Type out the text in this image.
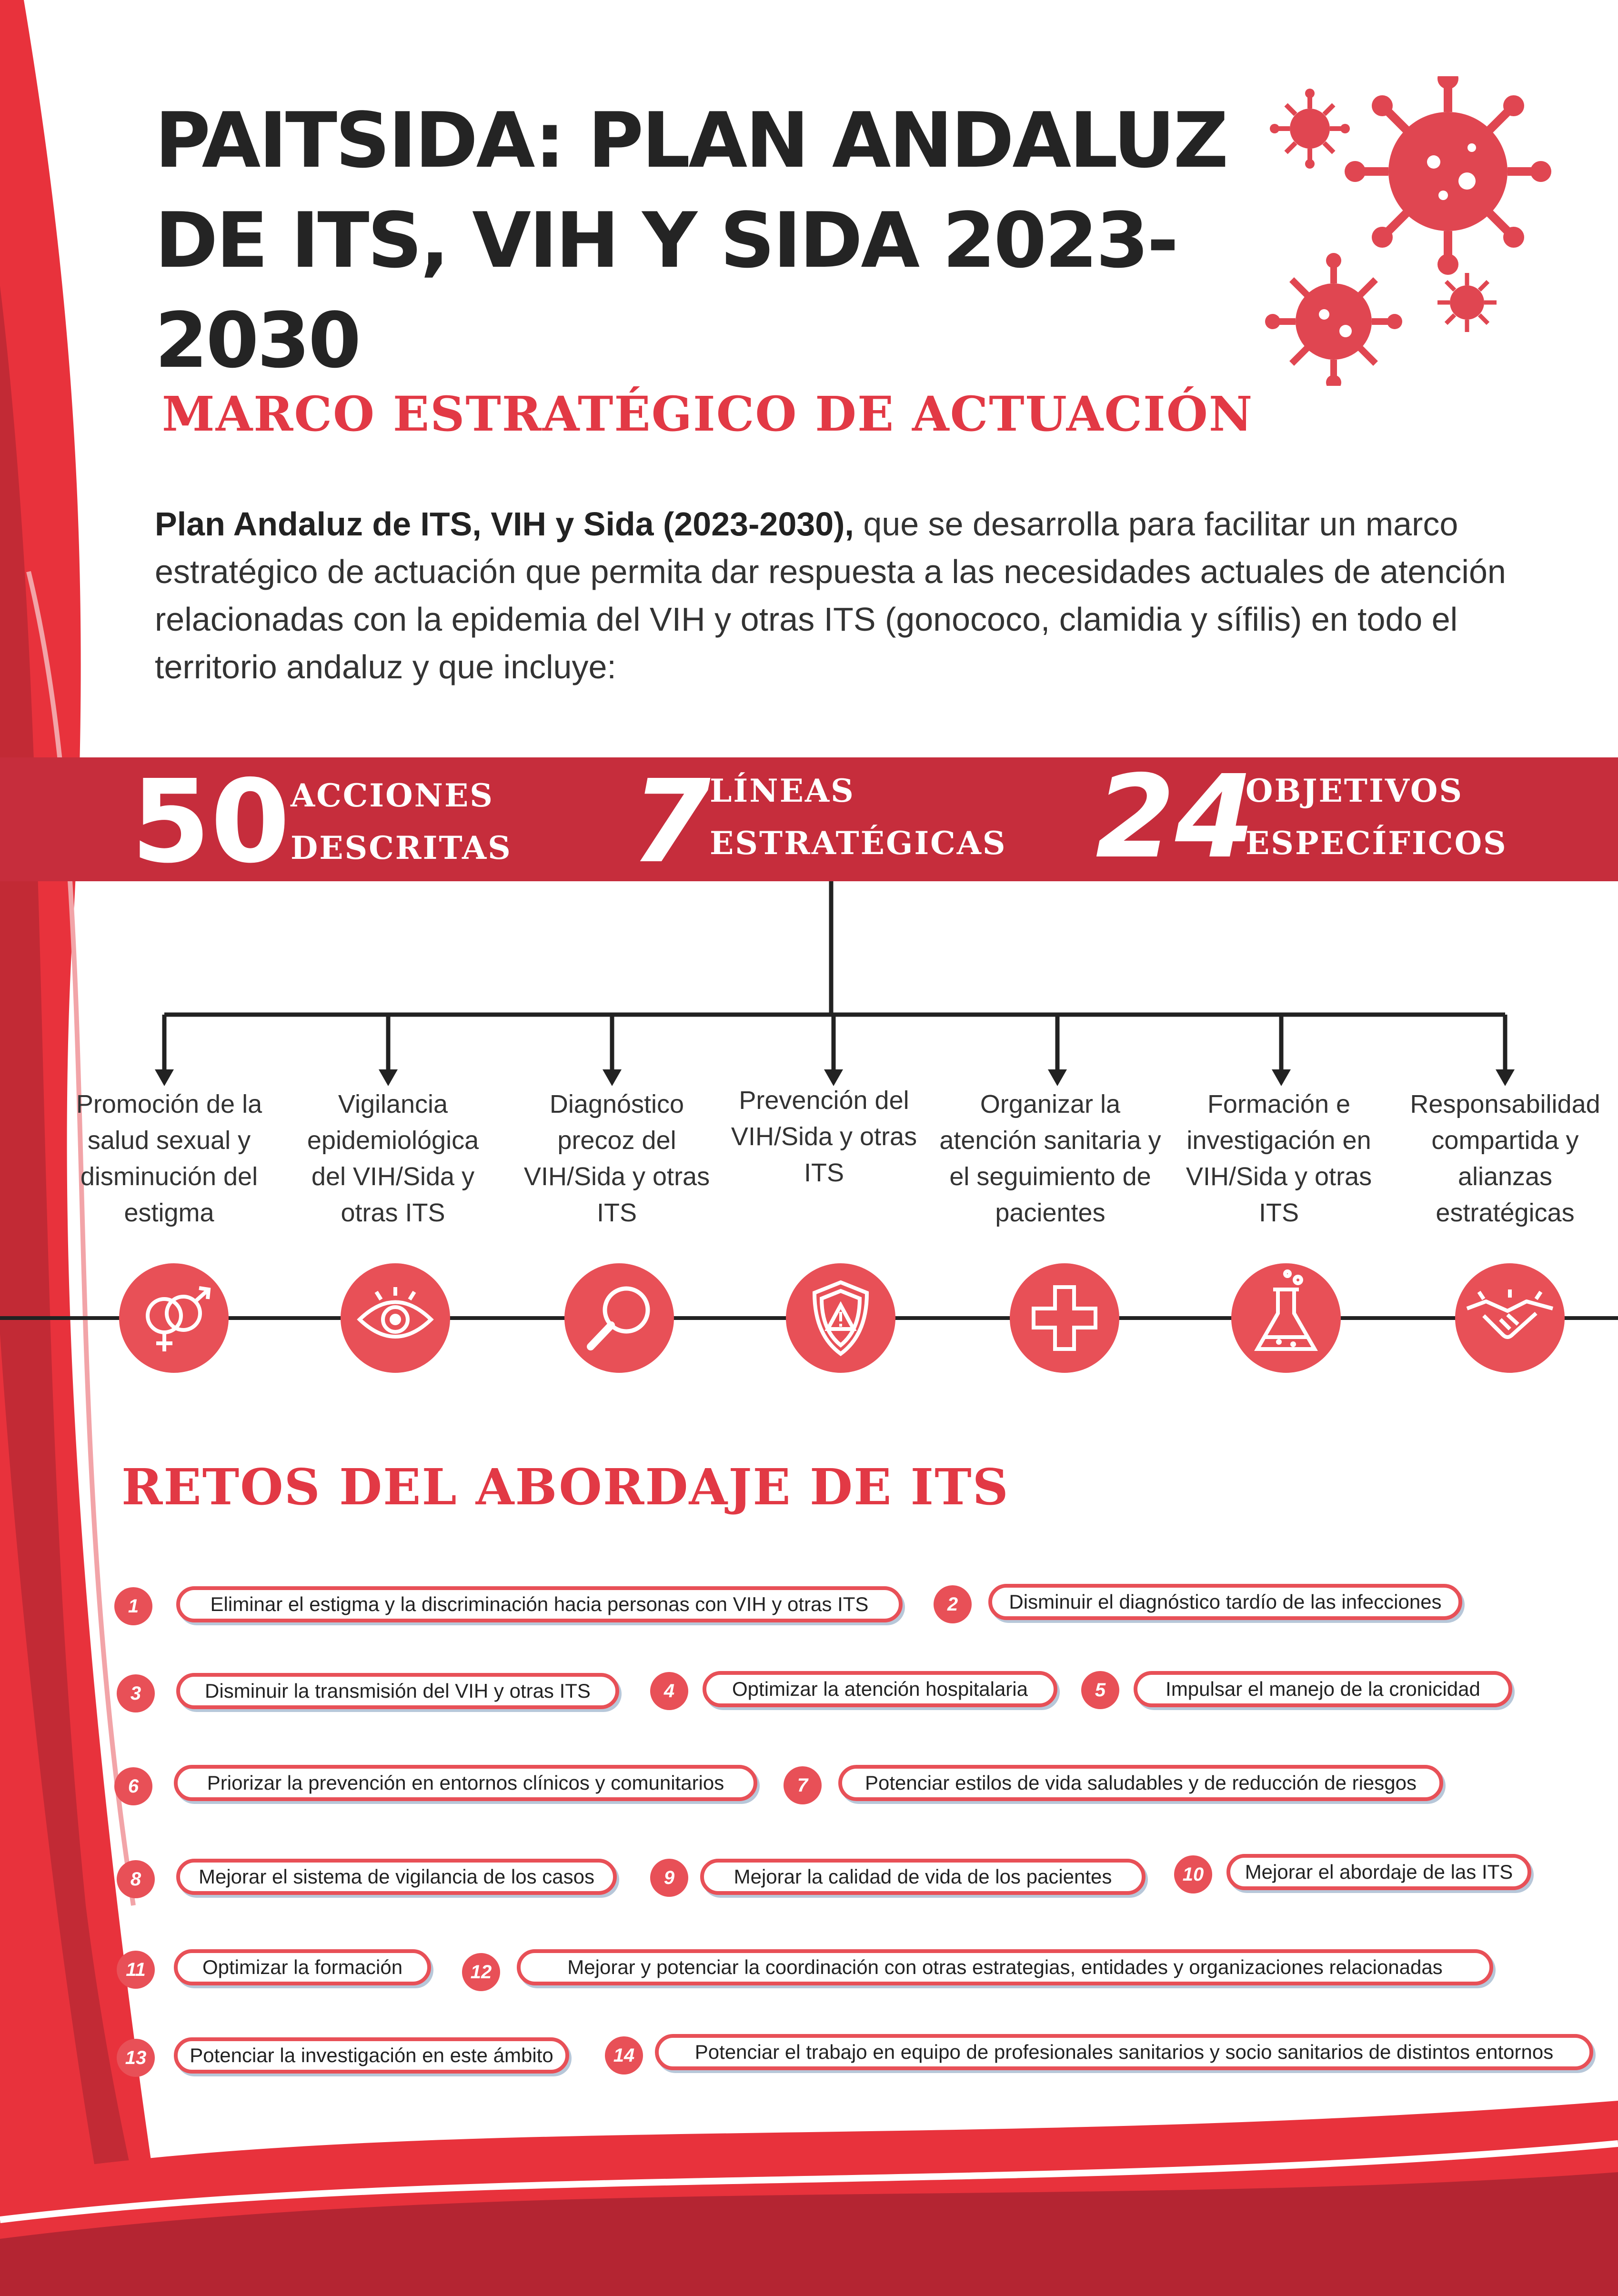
PAITSIDA: PLAN ANDALUZ DE ITS, VIH Y SIDA 2023-2030
MARCO ESTRATÉGICO DE ACTUACIÓN
Plan Andaluz de ITS, VIH y Sida (2023-2030), que se desarrolla para facilitar un marco estratégico de actuación que permita dar respuesta a las necesidades actuales de atención relacionadas con la epidemia del VIH y otras ITS (gonococo, clamidia y sífilis) en todo el territorio andaluz y que incluye:
50 ACCIONES
DESCRITAS 7
LÍNEAS
ESTRATÉGICAS 24
OBJETIVOS
ESPECÍFICOS
Promoción de la salud sexual y disminución del estigma
Vigilancia epidemiológica del VIH/Sida y otras ITS
Diagnóstico precoz del VIH/Sida y otras ITS
Prevención del VIH/Sida y otras ITS
Organizar la atención sanitaria y el seguimiento de pacientes
Formación e investigación en VIH/Sida y otras ITS
Responsabilidad compartida y alianzas estratégicas
RETOS DEL ABORDAJE DE ITS
1	Eliminar el estigma y la discriminación hacia personas con VIH y otras ITS	2	Disminuir el diagnóstico tardío de las infecciones
3	Disminuir la transmisión del VIH y otras ITS	4	Optimizar la atención hospitalaria	5	Impulsar el manejo de la cronicidad
6	Priorizar la prevención en entornos clínicos y comunitarios	7	Potenciar estilos de vida saludables y de reducción de riesgos
8	Mejorar el sistema de vigilancia de los casos	9	Mejorar la calidad de vida de los pacientes	10	Mejorar el abordaje de las ITS
11	Optimizar la formación	12	Mejorar y potenciar la coordinación con otras estrategias, entidades y organizaciones relacionadas
13	Potenciar la investigación en este ámbito	14	Potenciar el trabajo en equipo de profesionales sanitarios y socio sanitarios de distintos entornos
